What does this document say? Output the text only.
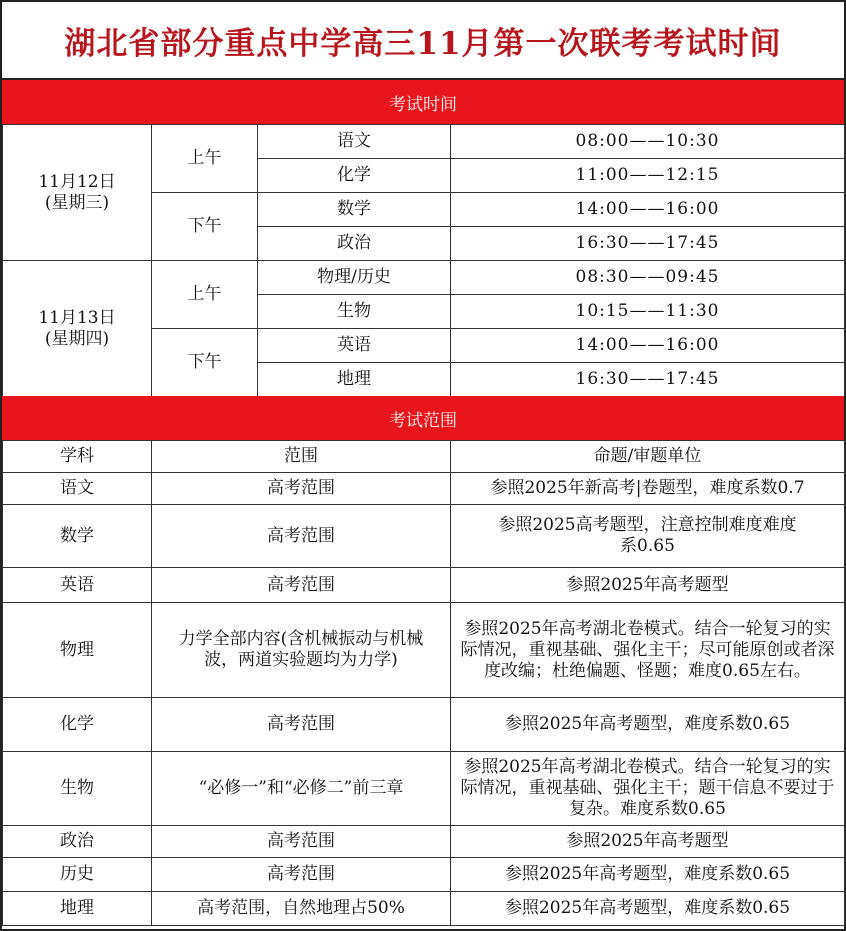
湖北省部分重点中学高三11月第一次联考考试时间
考试时间
11月12日
(星期三)	上午	语文	08:00——10:30
		化学	11:00——12:15
	下午	数学	14:00——16:00
		政治	16:30——17:45

11月13日
(星期四)	上午	物理/历史	08:30——09:45
		生物	10:15——11:30
	下午	英语	14:00——16:00
		地理	16:30——17:45
考试范围
学科	范围	命题/审题单位
语文	高考范围	参照2025年新高考|卷题型，难度系数0.7
数学	高考范围	参照2025高考题型，注意控制难度难度系0.65
英语	高考范围	参照2025年高考题型
物理	力学全部内容(含机械振动与机械波，两道实验题均为力学)	参照2025年高考湖北卷模式。结合一轮复习的实际情况，重视基础、强化主干；尽可能原创或者深度改编；杜绝偏题、怪题；难度0.65左右。
化学	高考范围	参照2025年高考题型，难度系数0.65
生物	“必修一”和“必修二”前三章	参照2025年高考湖北卷模式。结合一轮复习的实际情况，重视基础、强化主干；题干信息不要过于复杂。难度系数0.65
政治	高考范围	参照2025年高考题型
历史	高考范围	参照2025年高考题型，难度系数0.65
地理	高考范围，自然地理占50%	参照2025年高考题型，难度系数0.65
